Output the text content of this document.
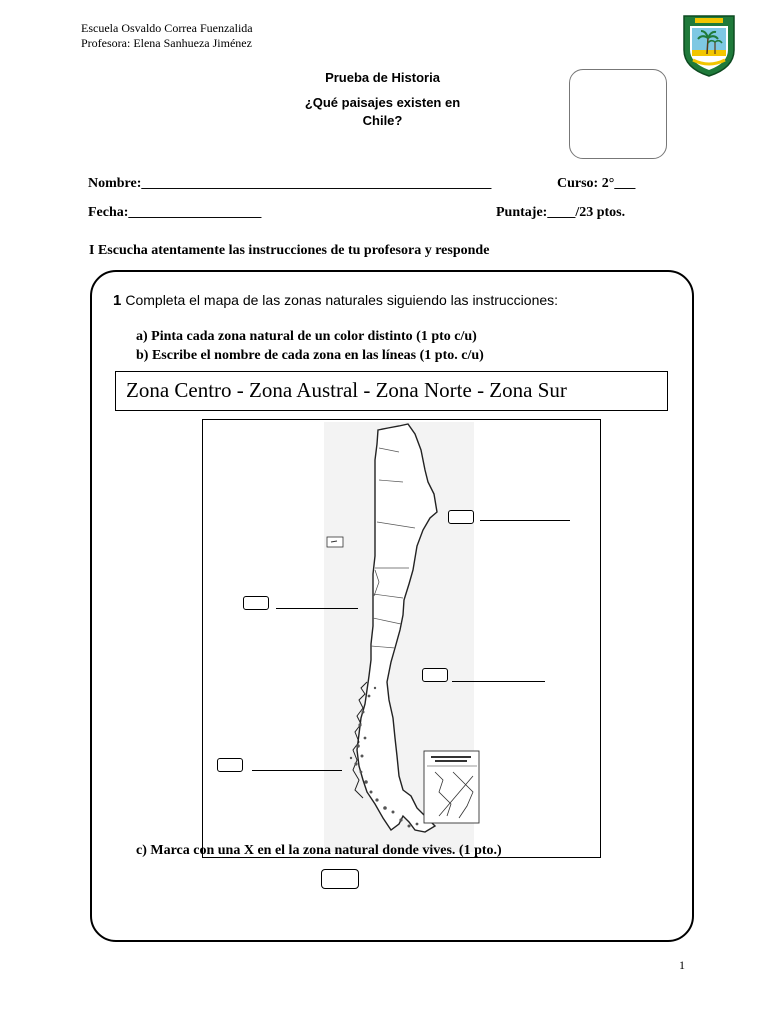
Escuela Osvaldo Correa Fuenzalida
Profesora: Elena Sanhueza Jiménez
Prueba de Historia
¿Qué paisajes existen en
Chile?
Nombre:__________________________________________________	Curso: 2°___
Fecha:___________________	Puntaje:____/23 ptos.
I Escucha atentamente las instrucciones de tu profesora y responde
1 Completa el mapa de las zonas naturales siguiendo las instrucciones:
a) Pinta cada zona natural de un color distinto (1 pto c/u)
b) Escribe el nombre de cada zona en las líneas (1 pto. c/u)
Zona Centro - Zona Austral - Zona Norte - Zona Sur
c) Marca con una X en el la zona natural donde vives. (1 pto.)
1
